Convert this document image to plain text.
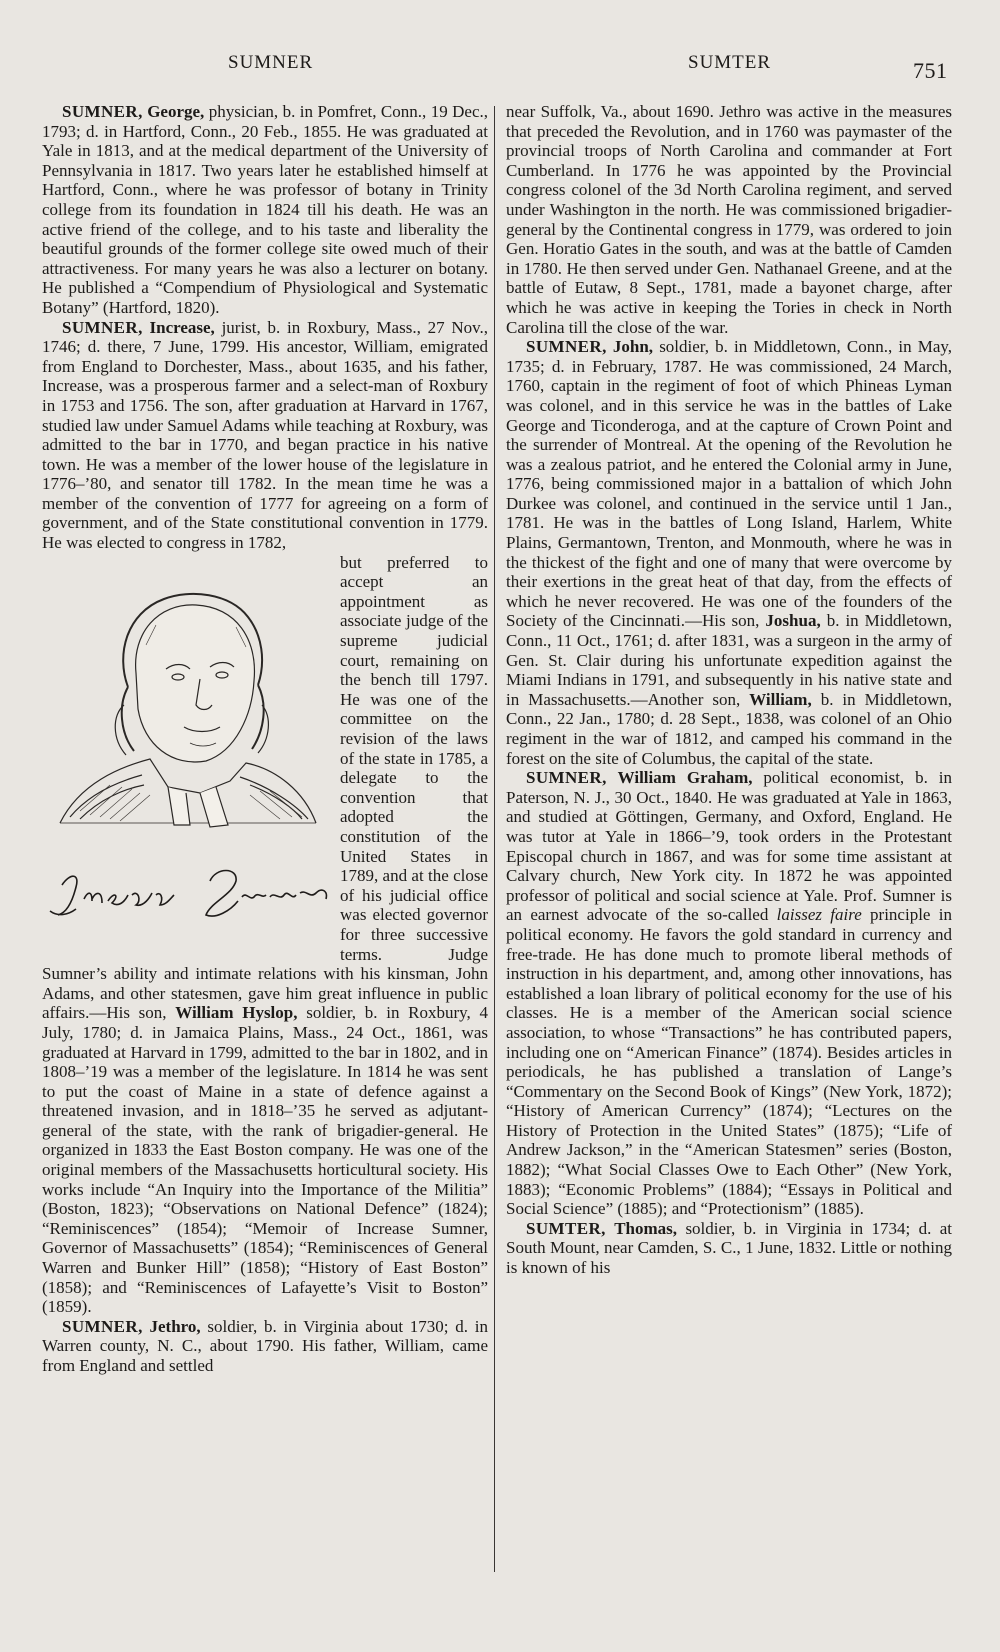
SUMNER	SUMTER	751

SUMNER, George, physician, b. in Pomfret, Conn., 19 Dec., 1793; d. in Hartford, Conn., 20 Feb., 1855. He was graduated at Yale in 1813, and at the medical department of the University of Pennsylvania in 1817. Two years later he established himself at Hartford, Conn., where he was professor of botany in Trinity college from its foundation in 1824 till his death. He was an active friend of the college, and to his taste and liberality the beautiful grounds of the former college site owed much of their attractiveness. For many years he was also a lecturer on botany. He published a “Compendium of Physiological and Systematic Botany” (Hartford, 1820).

SUMNER, Increase, jurist, b. in Roxbury, Mass., 27 Nov., 1746; d. there, 7 June, 1799. His ancestor, William, emigrated from England to Dorchester, Mass., about 1635, and his father, Increase, was a prosperous farmer and a select-man of Roxbury in 1753 and 1756. The son, after graduation at Harvard in 1767, studied law under Samuel Adams while teaching at Roxbury, was admitted to the bar in 1770, and began practice in his native town. He was a member of the lower house of the legislature in 1776–’80, and senator till 1782. In the mean time he was a member of the convention of 1777 for agreeing on a form of government, and of the State constitutional convention in 1779. He was elected to congress in 1782,

but preferred to accept an appointment as associate judge of the supreme judicial court, remaining on the bench till 1797. He was one of the committee on the revision of the laws of the state in 1785, a delegate to the convention that adopted the constitution of the United States in 1789, and at the close of his judicial office was elected governor for three successive terms. Judge Sumner’s ability and intimate relations with his kinsman, John Adams, and other statesmen, gave him great influence in public affairs.—His son, William Hyslop, soldier, b. in Roxbury, 4 July, 1780; d. in Jamaica Plains, Mass., 24 Oct., 1861, was graduated at Harvard in 1799, admitted to the bar in 1802, and in 1808–’19 was a member of the legislature. In 1814 he was sent to put the coast of Maine in a state of defence against a threatened invasion, and in 1818–’35 he served as adjutant-general of the state, with the rank of brigadier-general. He organized in 1833 the East Boston company. He was one of the original members of the Massachusetts horticultural society. His works include “An Inquiry into the Importance of the Militia” (Boston, 1823); “Observations on National Defence” (1824); “Reminiscences” (1854); “Memoir of Increase Sumner, Governor of Massachusetts” (1854); “Reminiscences of General Warren and Bunker Hill” (1858); “History of East Boston” (1858); and “Reminiscences of Lafayette’s Visit to Boston” (1859).

SUMNER, Jethro, soldier, b. in Virginia about 1730; d. in Warren county, N. C., about 1790. His father, William, came from England and settled

near Suffolk, Va., about 1690. Jethro was active in the measures that preceded the Revolution, and in 1760 was paymaster of the provincial troops of North Carolina and commander at Fort Cumberland. In 1776 he was appointed by the Provincial congress colonel of the 3d North Carolina regiment, and served under Washington in the north. He was commissioned brigadier-general by the Continental congress in 1779, was ordered to join Gen. Horatio Gates in the south, and was at the battle of Camden in 1780. He then served under Gen. Nathanael Greene, and at the battle of Eutaw, 8 Sept., 1781, made a bayonet charge, after which he was active in keeping the Tories in check in North Carolina till the close of the war.

SUMNER, John, soldier, b. in Middletown, Conn., in May, 1735; d. in February, 1787. He was commissioned, 24 March, 1760, captain in the regiment of foot of which Phineas Lyman was colonel, and in this service he was in the battles of Lake George and Ticonderoga, and at the capture of Crown Point and the surrender of Montreal. At the opening of the Revolution he was a zealous patriot, and he entered the Colonial army in June, 1776, being commissioned major in a battalion of which John Durkee was colonel, and continued in the service until 1 Jan., 1781. He was in the battles of Long Island, Harlem, White Plains, Germantown, Trenton, and Monmouth, where he was in the thickest of the fight and one of many that were overcome by their exertions in the great heat of that day, from the effects of which he never recovered. He was one of the founders of the Society of the Cincinnati.—His son, Joshua, b. in Middletown, Conn., 11 Oct., 1761; d. after 1831, was a surgeon in the army of Gen. St. Clair during his unfortunate expedition against the Miami Indians in 1791, and subsequently in his native state and in Massachusetts.—Another son, William, b. in Middletown, Conn., 22 Jan., 1780; d. 28 Sept., 1838, was colonel of an Ohio regiment in the war of 1812, and camped his command in the forest on the site of Columbus, the capital of the state.

SUMNER, William Graham, political economist, b. in Paterson, N. J., 30 Oct., 1840. He was graduated at Yale in 1863, and studied at Göttingen, Germany, and Oxford, England. He was tutor at Yale in 1866–’9, took orders in the Protestant Episcopal church in 1867, and was for some time assistant at Calvary church, New York city. In 1872 he was appointed professor of political and social science at Yale. Prof. Sumner is an earnest advocate of the so-called laissez faire principle in political economy. He favors the gold standard in currency and free-trade. He has done much to promote liberal methods of instruction in his department, and, among other innovations, has established a loan library of political economy for the use of his classes. He is a member of the American social science association, to whose “Transactions” he has contributed papers, including one on “American Finance” (1874). Besides articles in periodicals, he has published a translation of Lange’s “Commentary on the Second Book of Kings” (New York, 1872); “History of American Currency” (1874); “Lectures on the History of Protection in the United States” (1875); “Life of Andrew Jackson,” in the “American Statesmen” series (Boston, 1882); “What Social Classes Owe to Each Other” (New York, 1883); “Economic Problems” (1884); “Essays in Political and Social Science” (1885); and “Protectionism” (1885).

SUMTER, Thomas, soldier, b. in Virginia in 1734; d. at South Mount, near Camden, S. C., 1 June, 1832. Little or nothing is known of his
